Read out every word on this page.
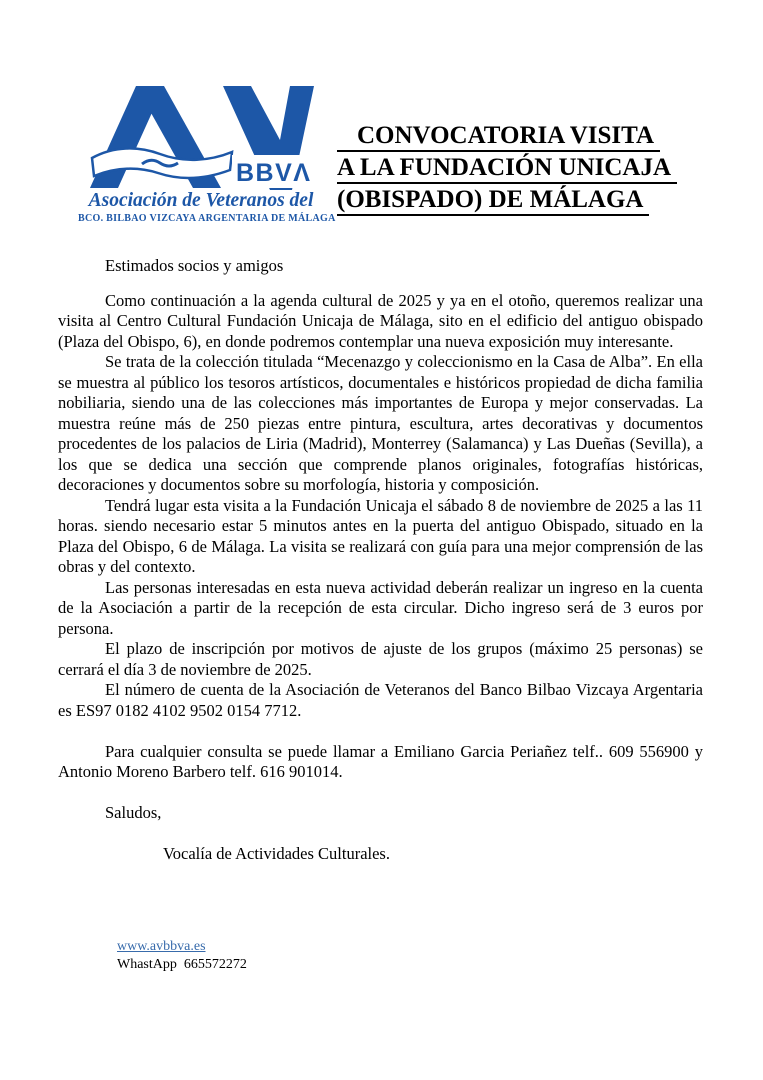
BBVΛ
Asociación de Veteranos del
BCO. BILBAO VIZCAYA ARGENTARIA DE MÁLAGA
CONVOCATORIA VISITA A LA FUNDACIÓN UNICAJA (OBISPADO) DE MÁLAGA

Estimados socios y amigos

Como continuación a la agenda cultural de 2025 y ya en el otoño, queremos realizar una visita al Centro Cultural Fundación Unicaja de Málaga, sito en el edificio del antiguo obispado (Plaza del Obispo, 6), en donde podremos contemplar una nueva exposición muy interesante.

Se trata de la colección titulada “Mecenazgo y coleccionismo en la Casa de Alba”. En ella se muestra al público los tesoros artísticos, documentales e históricos propiedad de dicha familia nobiliaria, siendo una de las colecciones más importantes de Europa y mejor conservadas. La muestra reúne más de 250 piezas entre pintura, escultura, artes decorativas y documentos procedentes de los palacios de Liria (Madrid), Monterrey (Salamanca) y Las Dueñas (Sevilla), a los que se dedica una sección que comprende planos originales, fotografías históricas, decoraciones y documentos sobre su morfología, historia y composición.

Tendrá lugar esta visita a la Fundación Unicaja el sábado 8 de noviembre de 2025 a las 11 horas. siendo necesario estar 5 minutos antes en la puerta del antiguo Obispado, situado en la Plaza del Obispo, 6 de Málaga. La visita se realizará con guía para una mejor comprensión de las obras y del contexto.

Las personas interesadas en esta nueva actividad deberán realizar un ingreso en la cuenta de la Asociación a partir de la recepción de esta circular. Dicho ingreso será de 3 euros por persona.

El plazo de inscripción por motivos de ajuste de los grupos (máximo 25 personas) se cerrará el día 3 de noviembre de 2025.

El número de cuenta de la Asociación de Veteranos del Banco Bilbao Vizcaya Argentaria es ES97 0182 4102 9502 0154 7712.

Para cualquier consulta se puede llamar a Emiliano Garcia Periañez telf.. 609 556900 y Antonio Moreno Barbero telf. 616 901014.

Saludos,

Vocalía de Actividades Culturales.

www.avbbva.es
WhastApp  665572272
